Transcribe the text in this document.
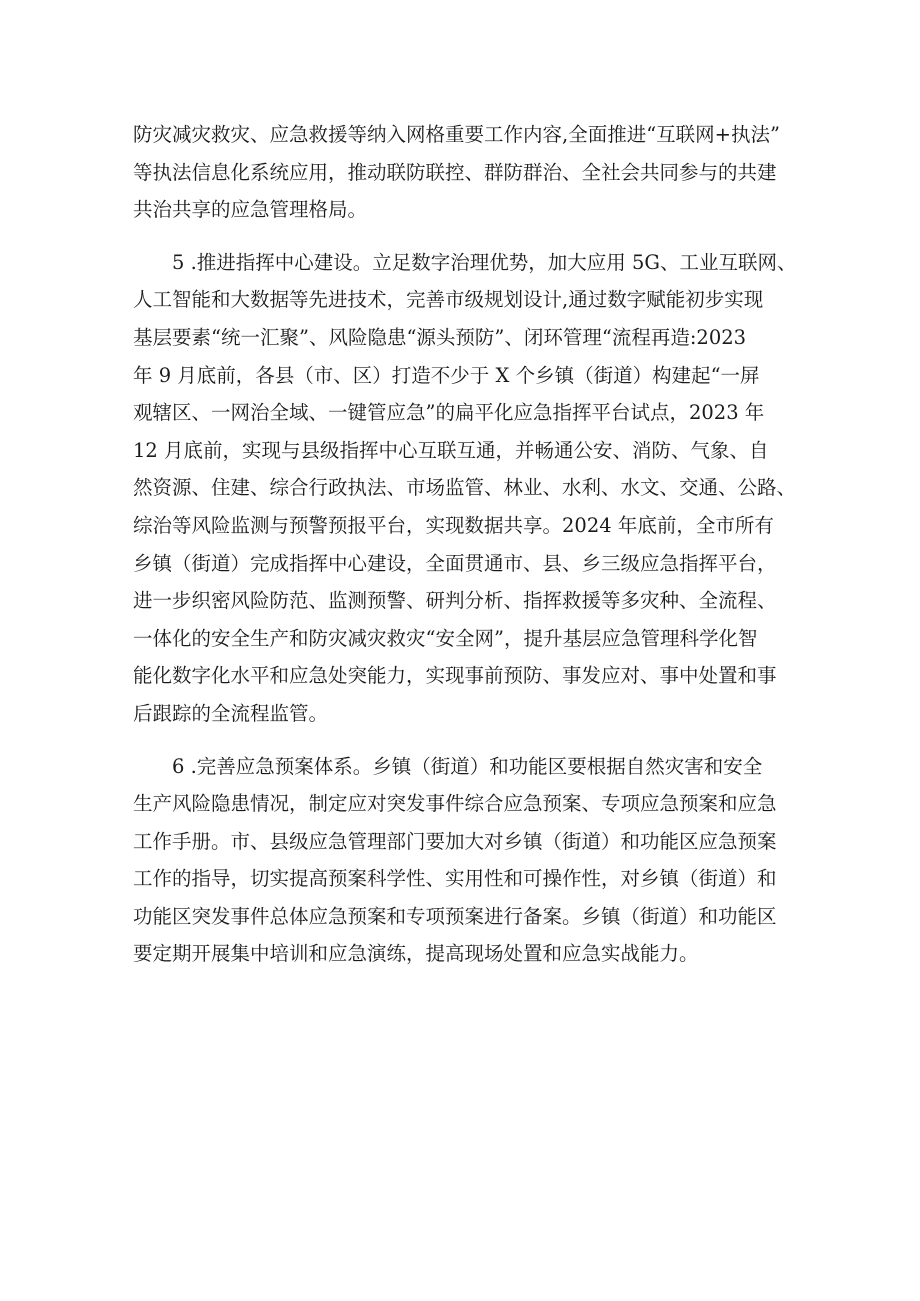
防灾减灾救灾、应急救援等纳入网格重要工作内容,全面推进“互联网+执法”
等执法信息化系统应用，推动联防联控、群防群治、全社会共同参与的共建
共治共享的应急管理格局。
5 .推进指挥中心建设。立足数字治理优势，加大应用 5G、工业互联网、
人工智能和大数据等先进技术，完善市级规划设计,通过数字赋能初步实现
基层要素“统一汇聚”、风险隐患“源头预防”、闭环管理“流程再造:2023
年 9 月底前，各县（市、区）打造不少于 X 个乡镇（街道）构建起“一屏
观辖区、一网治全域、一键管应急”的扁平化应急指挥平台试点，2023 年
12 月底前，实现与县级指挥中心互联互通，并畅通公安、消防、气象、自
然资源、住建、综合行政执法、市场监管、林业、水利、水文、交通、公路、
综治等风险监测与预警预报平台，实现数据共享。2024 年底前，全市所有
乡镇（街道）完成指挥中心建设，全面贯通市、县、乡三级应急指挥平台，
进一步织密风险防范、监测预警、研判分析、指挥救援等多灾种、全流程、
一体化的安全生产和防灾减灾救灾“安全网”，提升基层应急管理科学化智
能化数字化水平和应急处突能力，实现事前预防、事发应对、事中处置和事
后跟踪的全流程监管。
6 .完善应急预案体系。乡镇（街道）和功能区要根据自然灾害和安全
生产风险隐患情况，制定应对突发事件综合应急预案、专项应急预案和应急
工作手册。市、县级应急管理部门要加大对乡镇（街道）和功能区应急预案
工作的指导，切实提高预案科学性、实用性和可操作性，对乡镇（街道）和
功能区突发事件总体应急预案和专项预案进行备案。乡镇（街道）和功能区
要定期开展集中培训和应急演练，提高现场处置和应急实战能力。
